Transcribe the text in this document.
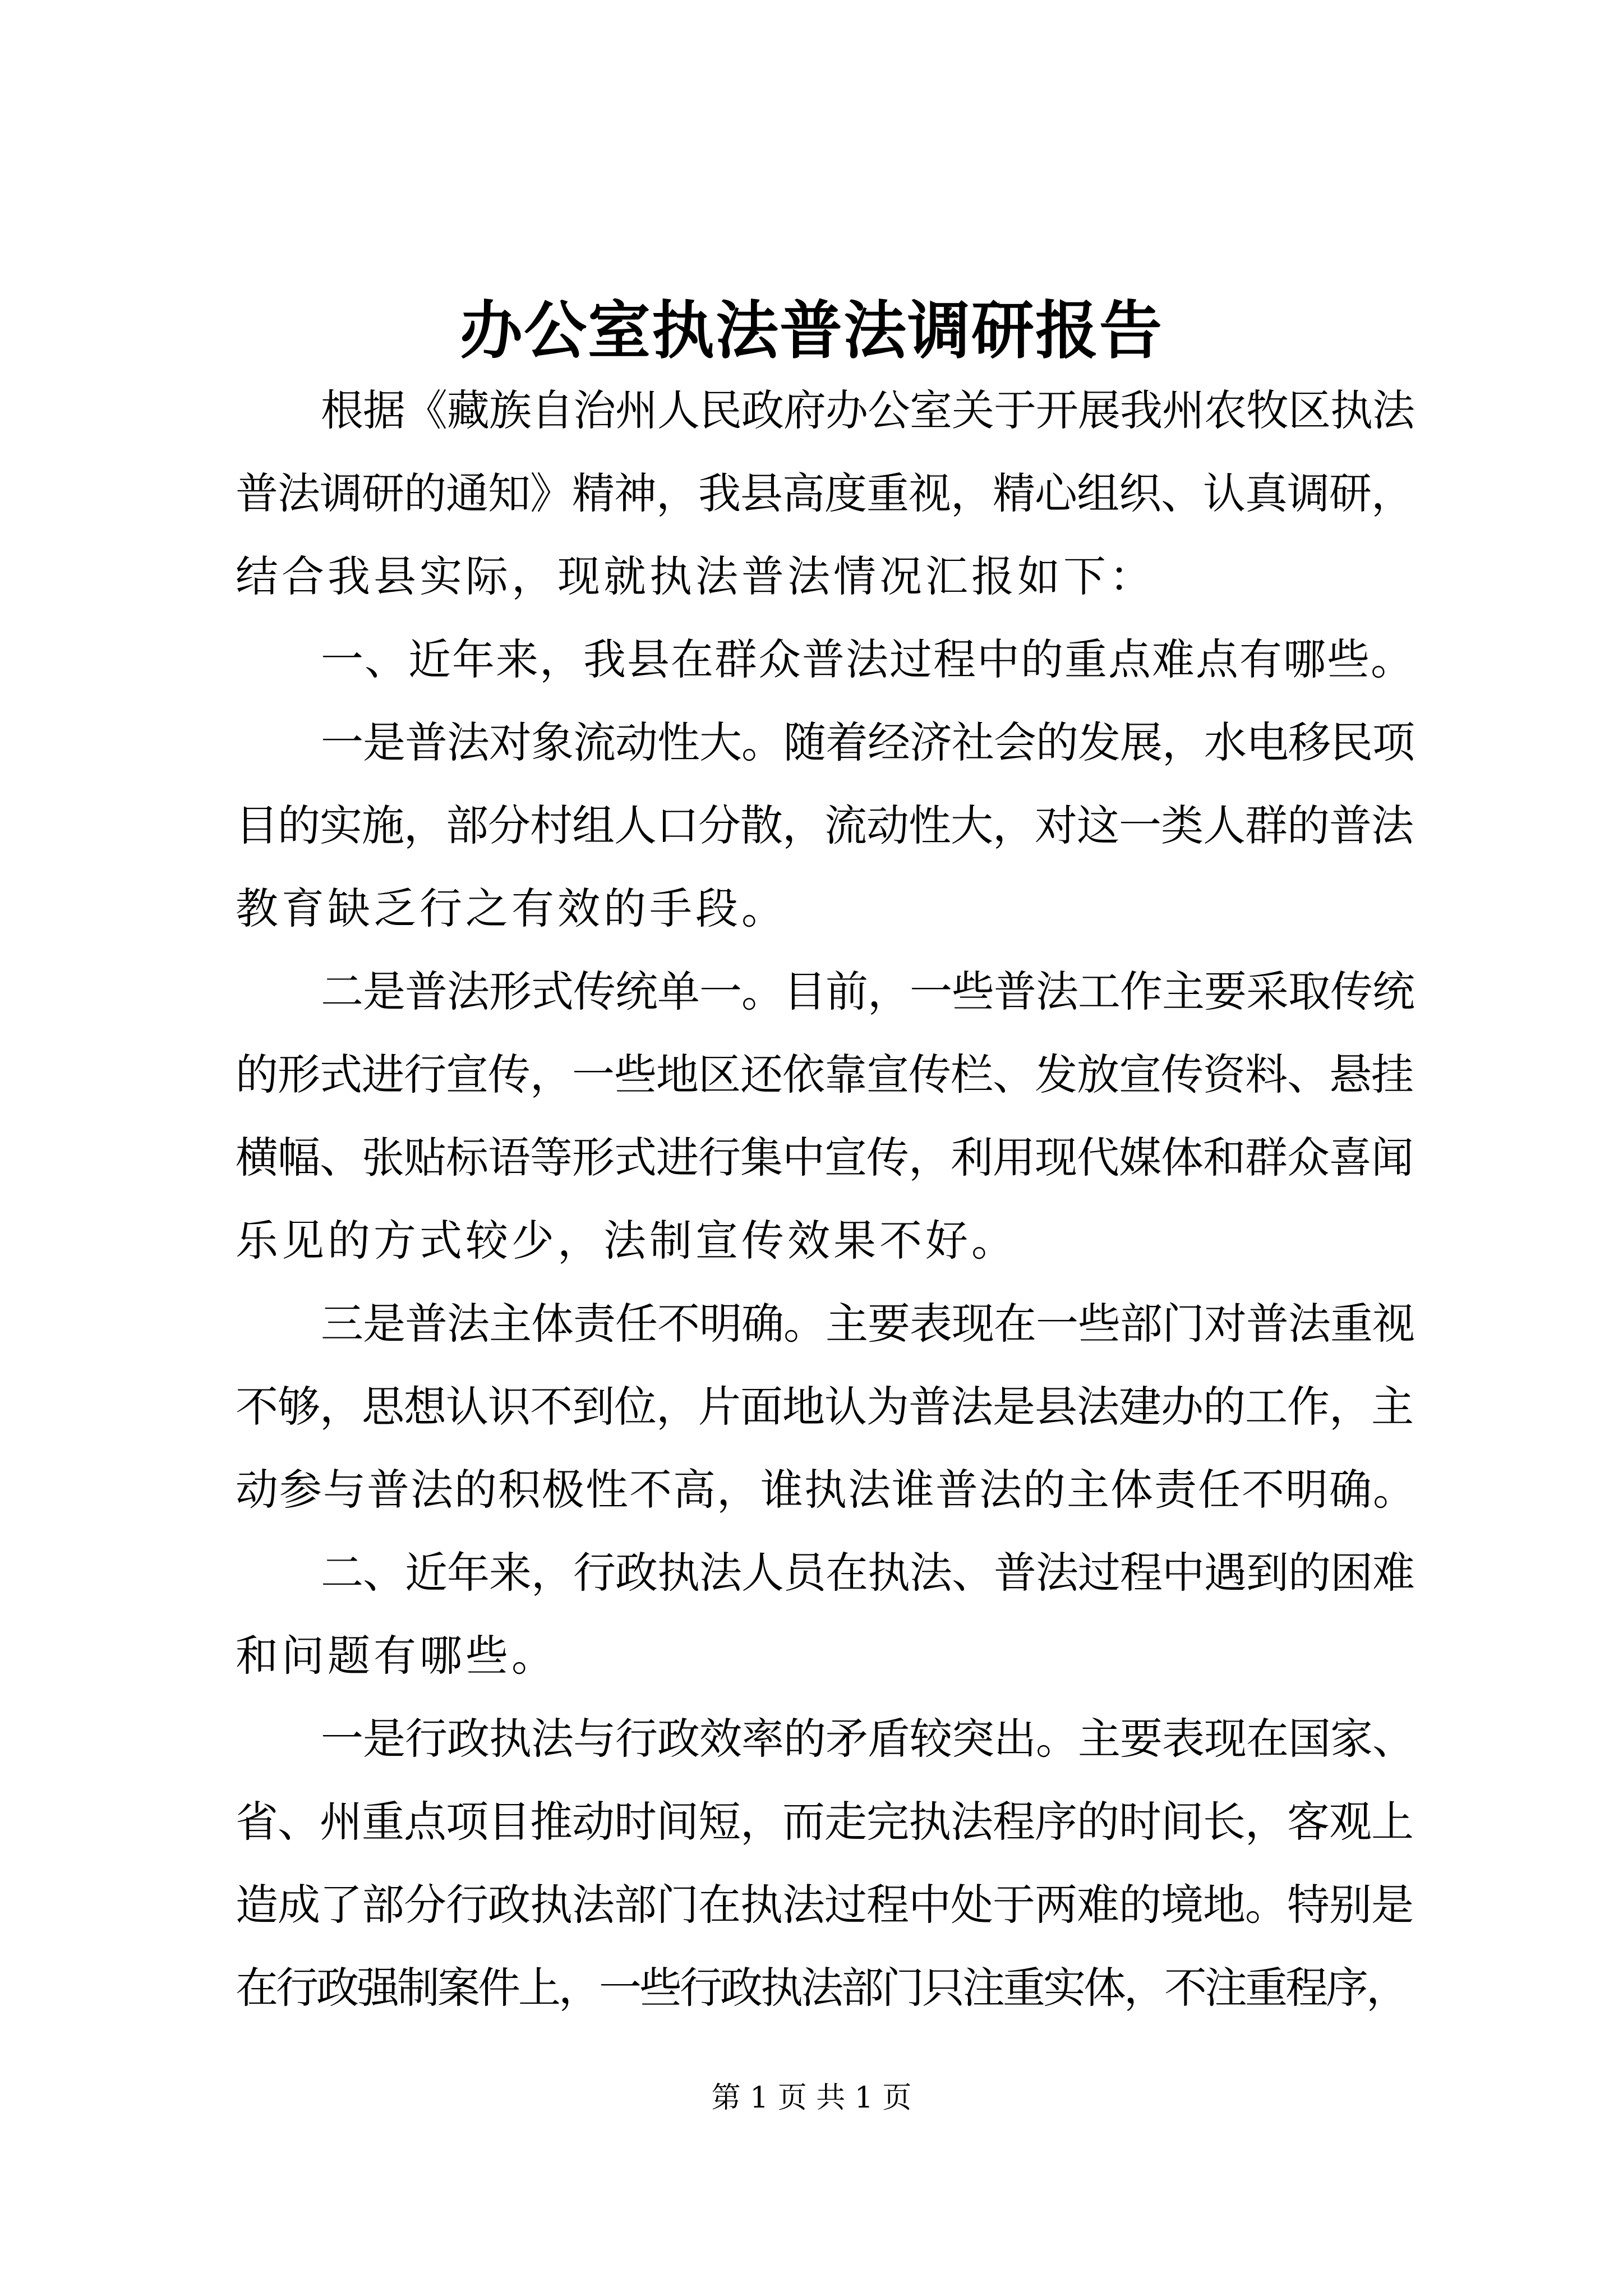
办公室执法普法调研报告
根据《藏族自治州人民政府办公室关于开展我州农牧区执法
普法调研的通知》精神，我县高度重视，精心组织、认真调研，
结合我县实际，现就执法普法情况汇报如下：
一、近年来，我县在群众普法过程中的重点难点有哪些。
一是普法对象流动性大。随着经济社会的发展，水电移民项
目的实施，部分村组人口分散，流动性大，对这一类人群的普法
教育缺乏行之有效的手段。
二是普法形式传统单一。目前，一些普法工作主要采取传统
的形式进行宣传，一些地区还依靠宣传栏、发放宣传资料、悬挂
横幅、张贴标语等形式进行集中宣传，利用现代媒体和群众喜闻
乐见的方式较少，法制宣传效果不好。
三是普法主体责任不明确。主要表现在一些部门对普法重视
不够，思想认识不到位，片面地认为普法是县法建办的工作，主
动参与普法的积极性不高，谁执法谁普法的主体责任不明确。
二、近年来，行政执法人员在执法、普法过程中遇到的困难
和问题有哪些。
一是行政执法与行政效率的矛盾较突出。主要表现在国家、
省、州重点项目推动时间短，而走完执法程序的时间长，客观上
造成了部分行政执法部门在执法过程中处于两难的境地。特别是
在行政强制案件上，一些行政执法部门只注重实体，不注重程序，
第 1 页 共 1 页
